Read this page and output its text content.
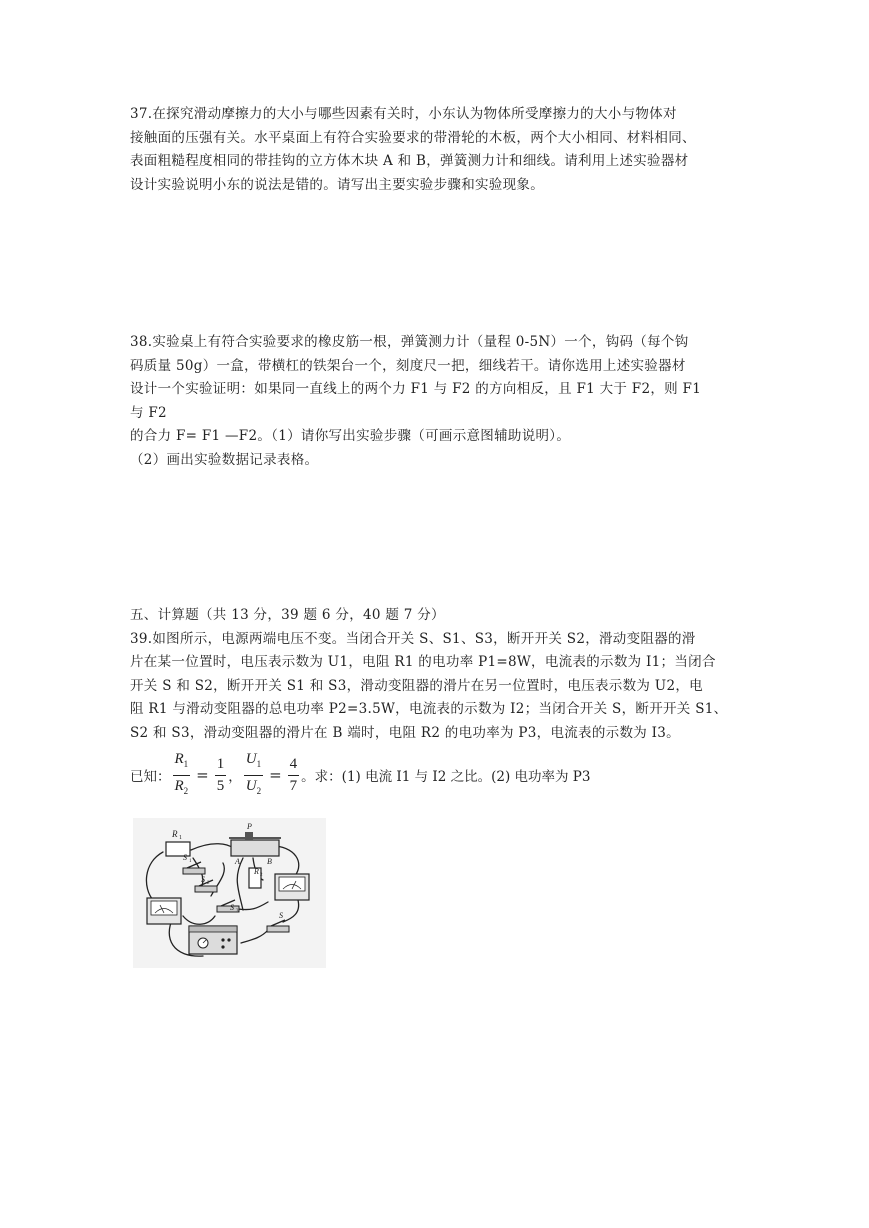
37.在探究滑动摩擦力的大小与哪些因素有关时，小东认为物体所受摩擦力的大小与物体对

接触面的压强有关。水平桌面上有符合实验要求的带滑轮的木板，两个大小相同、材料相同、

表面粗糙程度相同的带挂钩的立方体木块 A 和 B，弹簧测力计和细线。请利用上述实验器材

设计实验说明小东的说法是错的。请写出主要实验步骤和实验现象。

38.实验桌上有符合实验要求的橡皮筋一根，弹簧测力计（量程 0-5N）一个，钩码（每个钩

码质量 50g）一盒，带横杠的铁架台一个，刻度尺一把，细线若干。请你选用上述实验器材

设计一个实验证明：如果同一直线上的两个力 F1 与 F2 的方向相反，且 F1 大于 F2，则 F1

与 F2

的合力 F= F1 —F2。（1）请你写出实验步骤（可画示意图辅助说明）。

（2）画出实验数据记录表格。

五、计算题（共 13 分，39 题 6 分，40 题 7 分）

39.如图所示，电源两端电压不变。当闭合开关 S、S1、S3，断开开关 S2，滑动变阻器的滑

片在某一位置时，电压表示数为 U1，电阻 R1 的电功率 P1=8W，电流表的示数为 I1；当闭合

开关 S 和 S2，断开开关 S1 和 S3，滑动变阻器的滑片在另一位置时，电压表示数为 U2，电

阻 R1 与滑动变阻器的总电功率 P2=3.5W，电流表的示数为 I2；当闭合开关 S，断开开关 S1、

S2 和 S3，滑动变阻器的滑片在 B 端时，电阻 R2 的电功率为 P3，电流表的示数为 I3。

已知： $\frac{R_1}{R_2} = \frac{1}{5}$ ， $\frac{U_1}{U_2} = \frac{4}{7}$ 。求：(1) 电流 I1 与 I2 之比。(2) 电功率为 P3
R 1
P
A	B
R 2
S 1
S 2
S 3	S
